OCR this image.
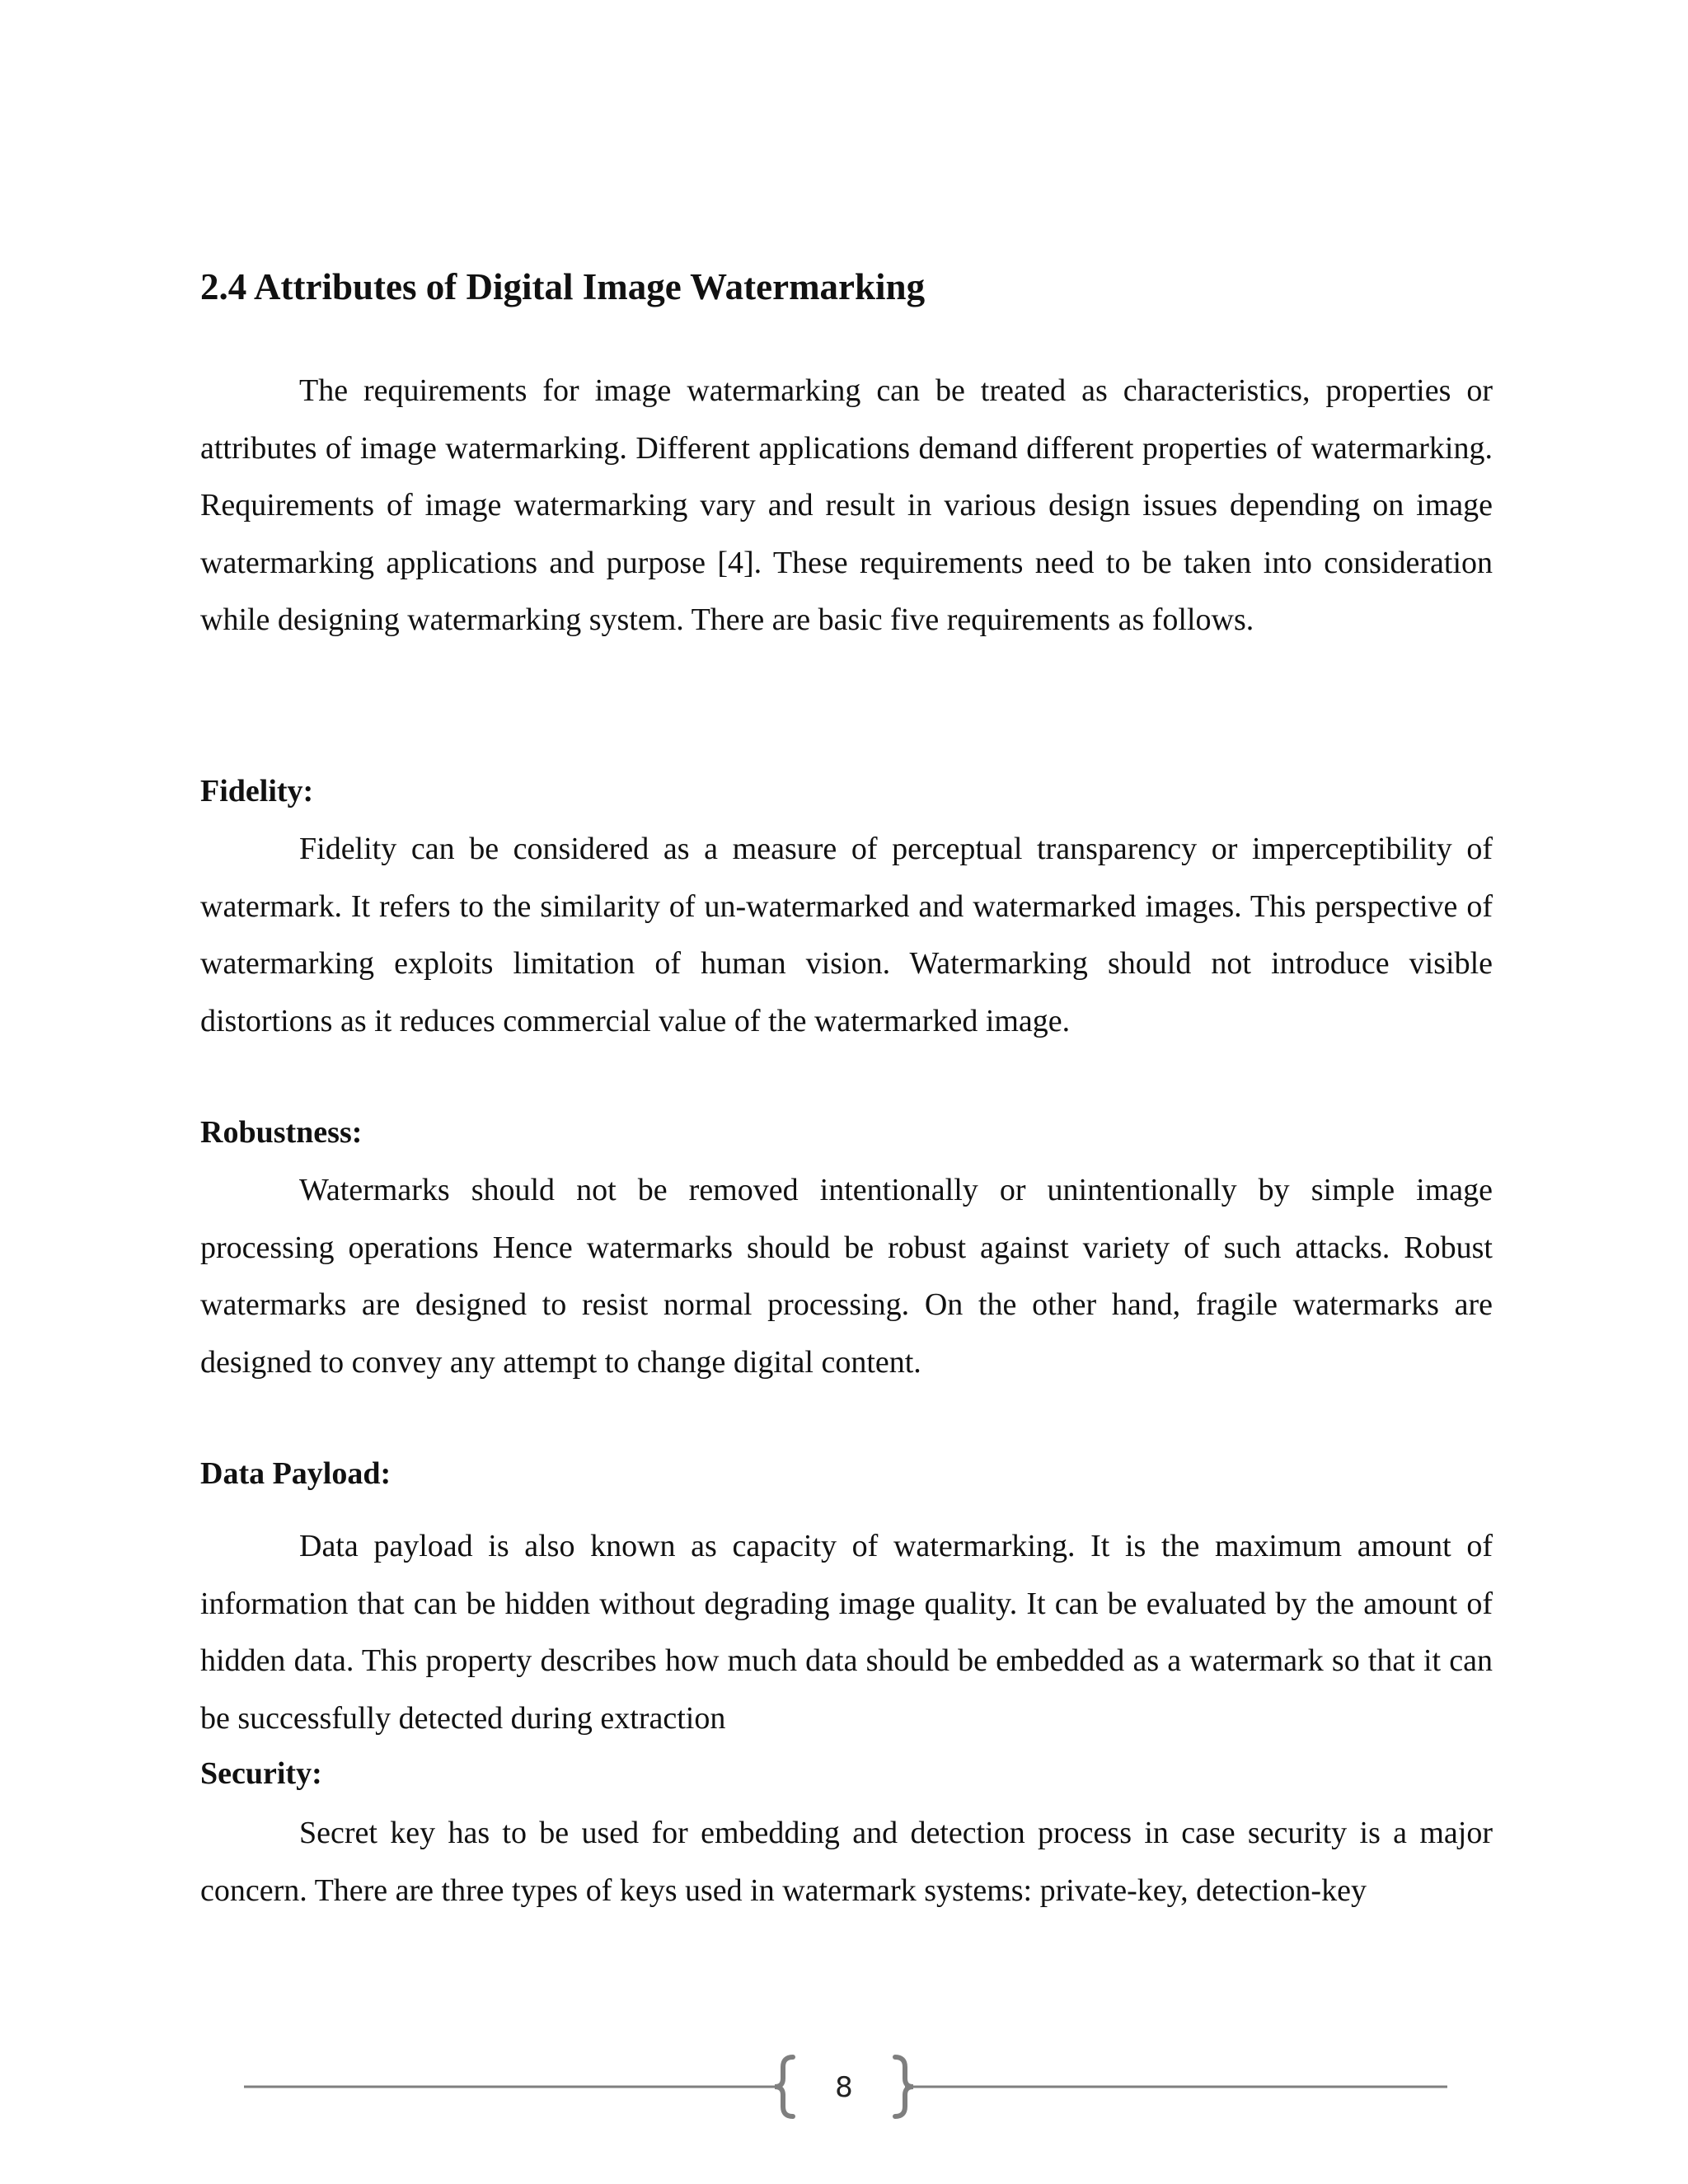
2.4 Attributes of Digital Image Watermarking

The requirements for image watermarking can be treated as characteristics, properties or attributes of image watermarking. Different applications demand different properties of watermarking. Requirements of image watermarking vary and result in various design issues depending on image watermarking applications and purpose [4]. These requirements need to be taken into consideration while designing watermarking system. There are basic five requirements as follows.

Fidelity:

Fidelity can be considered as a measure of perceptual transparency or imperceptibility of watermark. It refers to the similarity of un-watermarked and watermarked images. This perspective of watermarking exploits limitation of human vision. Watermarking should not introduce visible distortions as it reduces commercial value of the watermarked image.

Robustness:

Watermarks should not be removed intentionally or unintentionally by simple image processing operations Hence watermarks should be robust against variety of such attacks. Robust watermarks are designed to resist normal processing. On the other hand, fragile watermarks are designed to convey any attempt to change digital content.

Data Payload:

Data payload is also known as capacity of watermarking. It is the maximum amount of information that can be hidden without degrading image quality. It can be evaluated by the amount of hidden data. This property describes how much data should be embedded as a watermark so that it can be successfully detected during extraction

Security:

Secret key has to be used for embedding and detection process in case security is a major concern. There are three types of keys used in watermark systems: private-key, detection-key

8
